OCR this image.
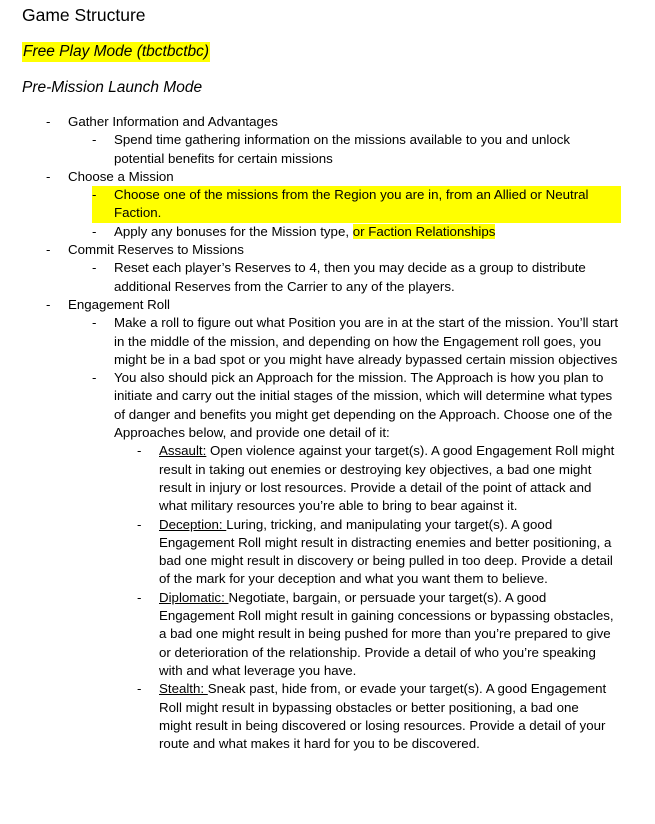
Game Structure
Free Play Mode (tbctbctbc)
Pre-Mission Launch Mode
- Gather Information and Advantages
- Spend time gathering information on the missions available to you and unlock potential benefits for certain missions
- Choose a Mission
- Choose one of the missions from the Region you are in, from an Allied or Neutral Faction.
- Apply any bonuses for the Mission type, or Faction Relationships
- Commit Reserves to Missions
- Reset each player’s Reserves to 4, then you may decide as a group to distribute additional Reserves from the Carrier to any of the players.
- Engagement Roll
- Make a roll to figure out what Position you are in at the start of the mission. You’ll start in the middle of the mission, and depending on how the Engagement roll goes, you might be in a bad spot or you might have already bypassed certain mission objectives
- You also should pick an Approach for the mission. The Approach is how you plan to initiate and carry out the initial stages of the mission, which will determine what types of danger and benefits you might get depending on the Approach. Choose one of the Approaches below, and provide one detail of it:
- Assault: Open violence against your target(s). A good Engagement Roll might result in taking out enemies or destroying key objectives, a bad one might result in injury or lost resources. Provide a detail of the point of attack and what military resources you’re able to bring to bear against it.
- Deception: Luring, tricking, and manipulating your target(s). A good Engagement Roll might result in distracting enemies and better positioning, a bad one might result in discovery or being pulled in too deep. Provide a detail of the mark for your deception and what you want them to believe.
- Diplomatic: Negotiate, bargain, or persuade your target(s). A good Engagement Roll might result in gaining concessions or bypassing obstacles, a bad one might result in being pushed for more than you’re prepared to give or deterioration of the relationship. Provide a detail of who you’re speaking with and what leverage you have.
- Stealth: Sneak past, hide from, or evade your target(s). A good Engagement Roll might result in bypassing obstacles or better positioning, a bad one might result in being discovered or losing resources. Provide a detail of your route and what makes it hard for you to be discovered.
